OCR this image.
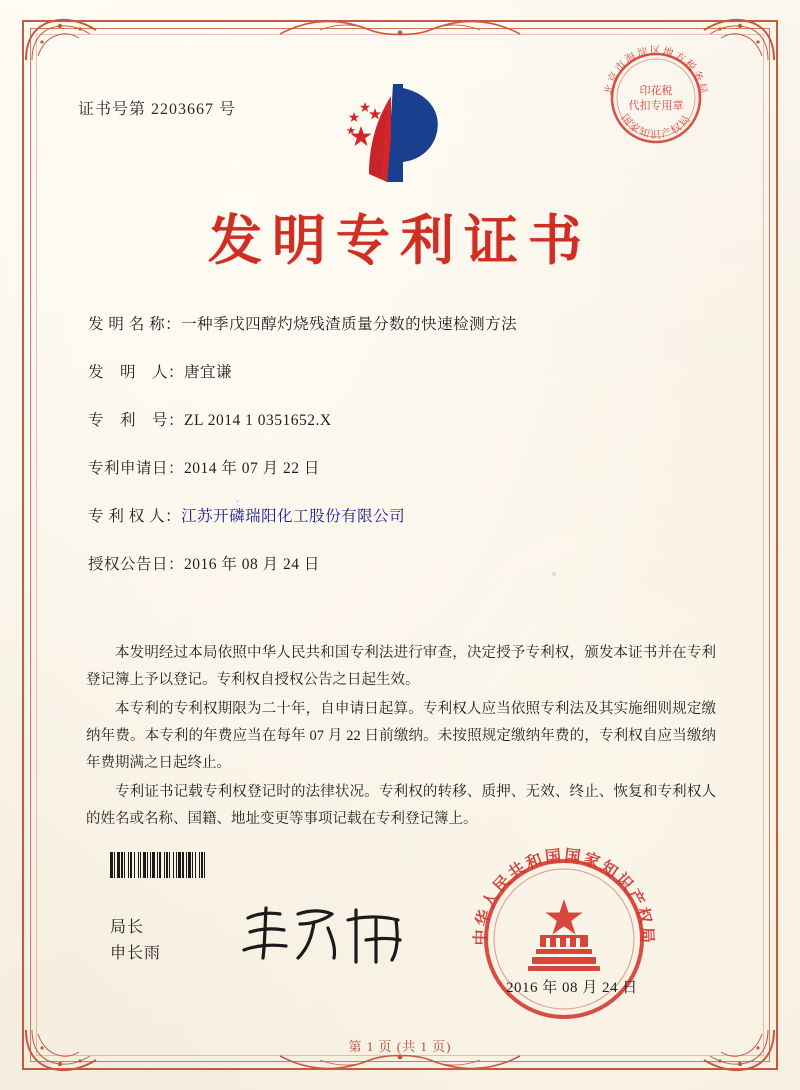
证书号第 2203667 号
北京市海淀区地方税务局
国家知识产权局
印花税
代扣专用章
发明专利证书
发 明 名 称： 一种季戊四醇灼烧残渣质量分数的快速检测方法
发　明　人： 唐宜谦
专　利　号： ZL 2014 1 0351652.X
专利申请日： 2014 年 07 月 22 日
专 利 权 人： 江苏开磷瑞阳化工股份有限公司
授权公告日： 2016 年 08 月 24 日

本发明经过本局依照中华人民共和国专利法进行审查，决定授予专利权，颁发本证书并在专利登记簿上予以登记。专利权自授权公告之日起生效。

本专利的专利权期限为二十年，自申请日起算。专利权人应当依照专利法及其实施细则规定缴纳年费。本专利的年费应当在每年 07 月 22 日前缴纳。未按照规定缴纳年费的，专利权自应当缴纳年费期满之日起终止。

专利证书记载专利权登记时的法律状况。专利权的转移、质押、无效、终止、恢复和专利权人的姓名或名称、国籍、地址变更等事项记载在专利登记簿上。

局长
申长雨
中华人民共和国国家知识产权局
2016 年 08 月 24 日
第 1 页 (共 1 页)
